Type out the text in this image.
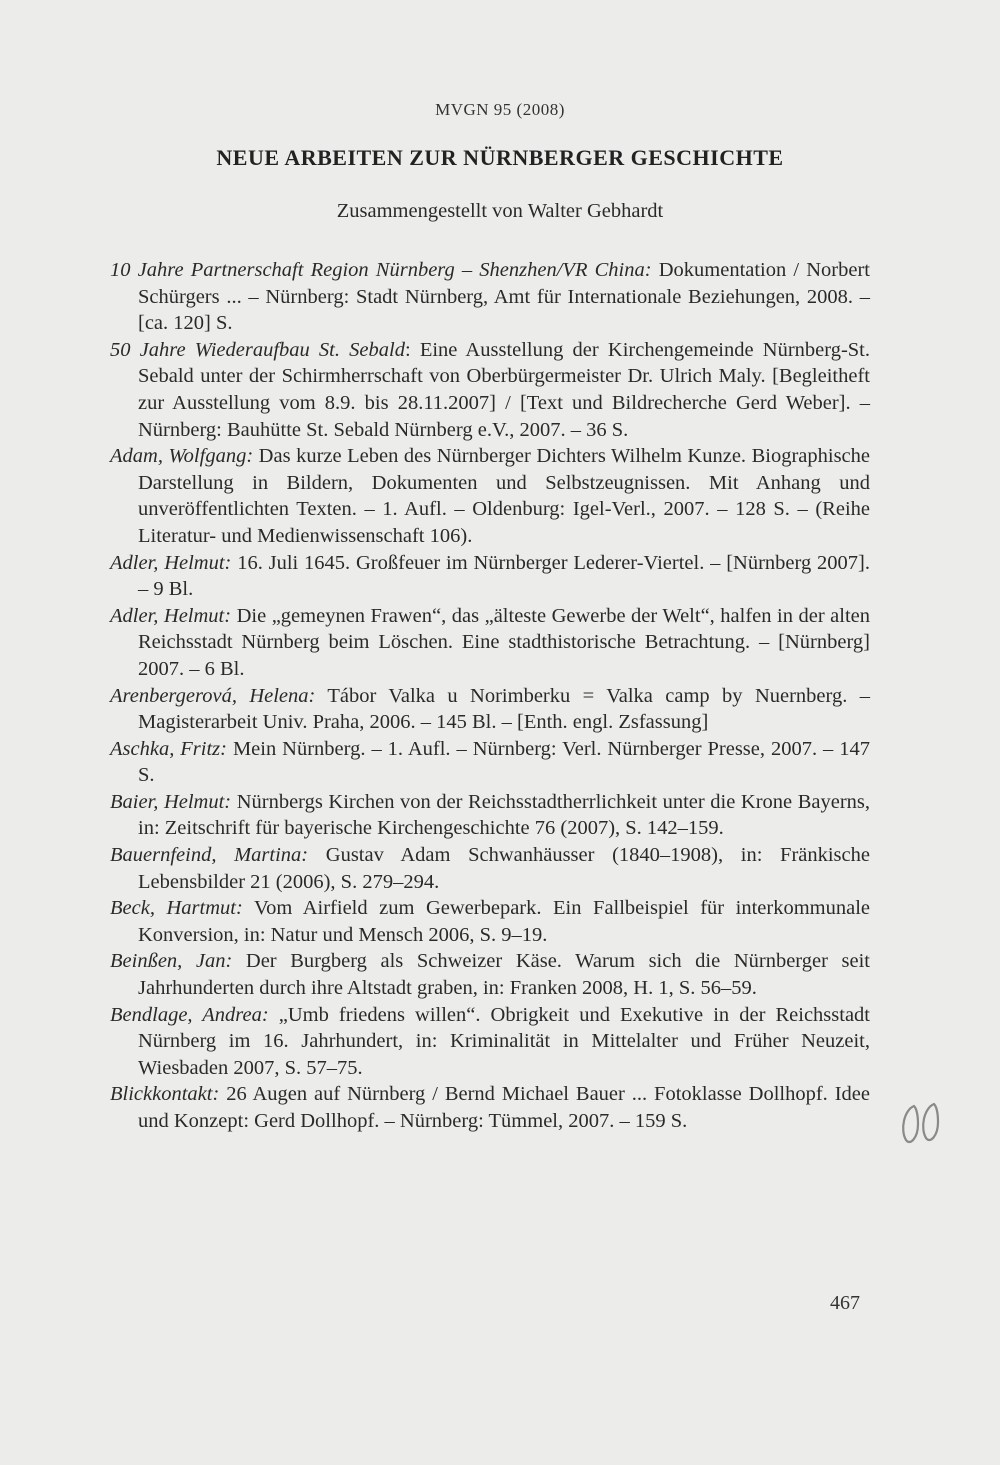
MVGN 95 (2008)
NEUE ARBEITEN ZUR NÜRNBERGER GESCHICHTE
Zusammengestellt von Walter Gebhardt

10 Jahre Partnerschaft Region Nürnberg – Shenzhen/VR China: Dokumentation / Norbert Schürgers ... – Nürnberg: Stadt Nürnberg, Amt für Internationale Beziehungen, 2008. – [ca. 120] S.

50 Jahre Wiederaufbau St. Sebald: Eine Ausstellung der Kirchengemeinde Nürnberg-St. Sebald unter der Schirmherrschaft von Oberbürgermeister Dr. Ulrich Maly. [Begleitheft zur Ausstellung vom 8.9. bis 28.11.2007] / [Text und Bildrecherche Gerd Weber]. – Nürnberg: Bauhütte St. Sebald Nürnberg e.V., 2007. – 36 S.

Adam, Wolfgang: Das kurze Leben des Nürnberger Dichters Wilhelm Kunze. Biographische Darstellung in Bildern, Dokumenten und Selbstzeugnissen. Mit Anhang und unveröffentlichten Texten. – 1. Aufl. – Oldenburg: Igel-Verl., 2007. – 128 S. – (Reihe Literatur- und Medienwissenschaft 106).

Adler, Helmut: 16. Juli 1645. Großfeuer im Nürnberger Lederer-Viertel. – [Nürnberg 2007]. – 9 Bl.

Adler, Helmut: Die „gemeynen Frawen“, das „älteste Gewerbe der Welt“, halfen in der alten Reichsstadt Nürnberg beim Löschen. Eine stadthistorische Betrachtung. – [Nürnberg] 2007. – 6 Bl.

Arenbergerová, Helena: Tábor Valka u Norimberku = Valka camp by Nuernberg. – Magisterarbeit Univ. Praha, 2006. – 145 Bl. – [Enth. engl. Zsfassung]

Aschka, Fritz: Mein Nürnberg. – 1. Aufl. – Nürnberg: Verl. Nürnberger Presse, 2007. – 147 S.

Baier, Helmut: Nürnbergs Kirchen von der Reichsstadtherrlichkeit unter die Krone Bayerns, in: Zeitschrift für bayerische Kirchengeschichte 76 (2007), S. 142–159.

Bauernfeind, Martina: Gustav Adam Schwanhäusser (1840–1908), in: Fränkische Lebensbilder 21 (2006), S. 279–294.

Beck, Hartmut: Vom Airfield zum Gewerbepark. Ein Fallbeispiel für interkommunale Konversion, in: Natur und Mensch 2006, S. 9–19.

Beinßen, Jan: Der Burgberg als Schweizer Käse. Warum sich die Nürnberger seit Jahrhunderten durch ihre Altstadt graben, in: Franken 2008, H. 1, S. 56–59.

Bendlage, Andrea: „Umb friedens willen“. Obrigkeit und Exekutive in der Reichsstadt Nürnberg im 16. Jahrhundert, in: Kriminalität in Mittelalter und Früher Neuzeit, Wiesbaden 2007, S. 57–75.

Blickkontakt: 26 Augen auf Nürnberg / Bernd Michael Bauer ... Fotoklasse Dollhopf. Idee und Konzept: Gerd Dollhopf. – Nürnberg: Tümmel, 2007. – 159 S.

467
